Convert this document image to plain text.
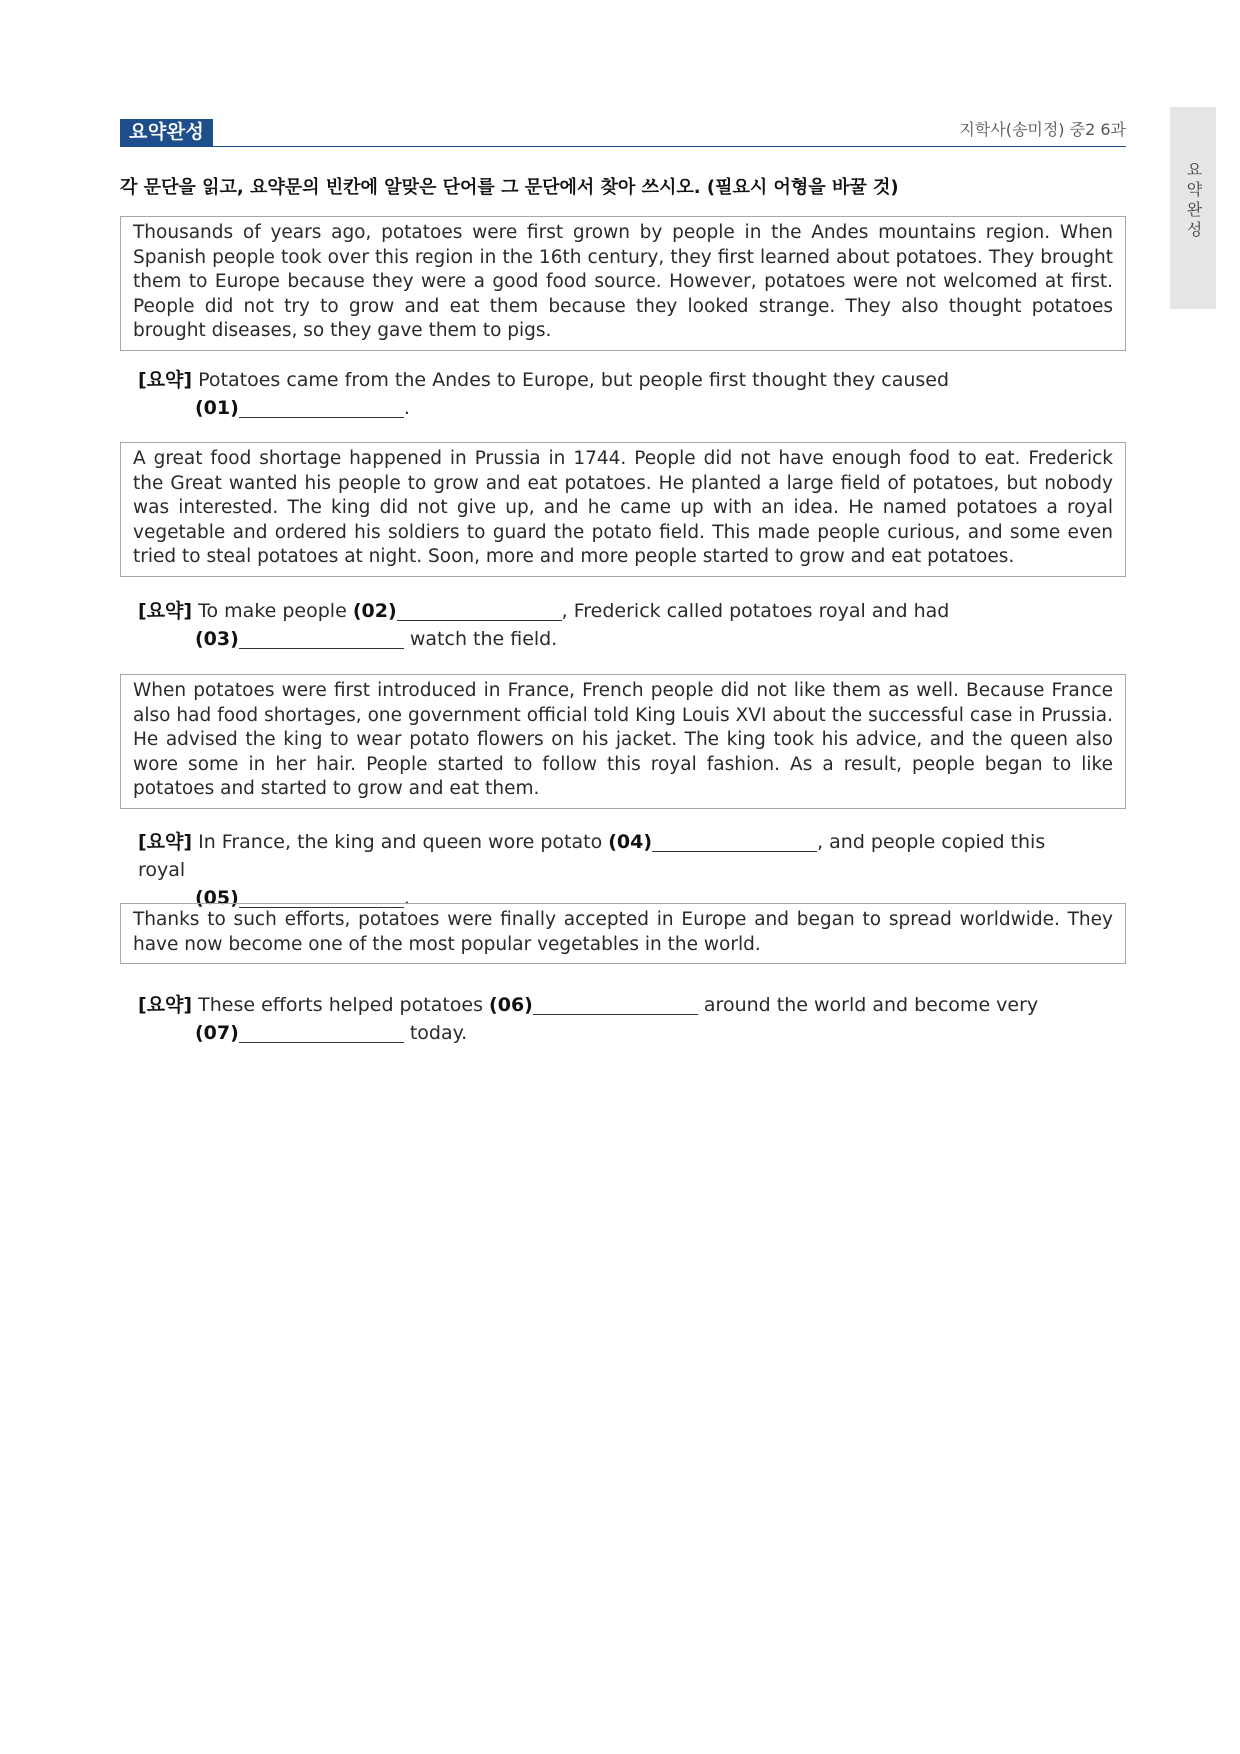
요약완성	지학사(송미정) 중2 6과
요약완성
각 문단을 읽고, 요약문의 빈칸에 알맞은 단어를 그 문단에서 찾아 쓰시오. (필요시 어형을 바꿀 것)
Thousands of years ago, potatoes were first grown by people in the Andes mountains region. When Spanish people took over this region in the 16th century, they first learned about potatoes. They brought them to Europe because they were a good food source. However, potatoes were not welcomed at first. People did not try to grow and eat them because they looked strange. They also thought potatoes brought diseases, so they gave them to pigs.
[요약] Potatoes came from the Andes to Europe, but people first thought they caused
(01)	.
A great food shortage happened in Prussia in 1744. People did not have enough food to eat. Frederick the Great wanted his people to grow and eat potatoes. He planted a large field of potatoes, but nobody was interested. The king did not give up, and he came up with an idea. He named potatoes a royal vegetable and ordered his soldiers to guard the potato field. This made people curious, and some even tried to steal potatoes at night. Soon, more and more people started to grow and eat potatoes.
[요약] To make people (02)	, Frederick called potatoes royal and had
(03)	watch the field.
When potatoes were first introduced in France, French people did not like them as well. Because France also had food shortages, one government official told King Louis XVI about the successful case in Prussia. He advised the king to wear potato flowers on his jacket. The king took his advice, and the queen also wore some in her hair. People started to follow this royal fashion. As a result, people began to like potatoes and started to grow and eat them.
[요약] In France, the king and queen wore potato (04)	, and people copied this royal
(05)	.
Thanks to such efforts, potatoes were finally accepted in Europe and began to spread worldwide. They have now become one of the most popular vegetables in the world.
[요약] These efforts helped potatoes (06)	around the world and become very
(07)	today.
